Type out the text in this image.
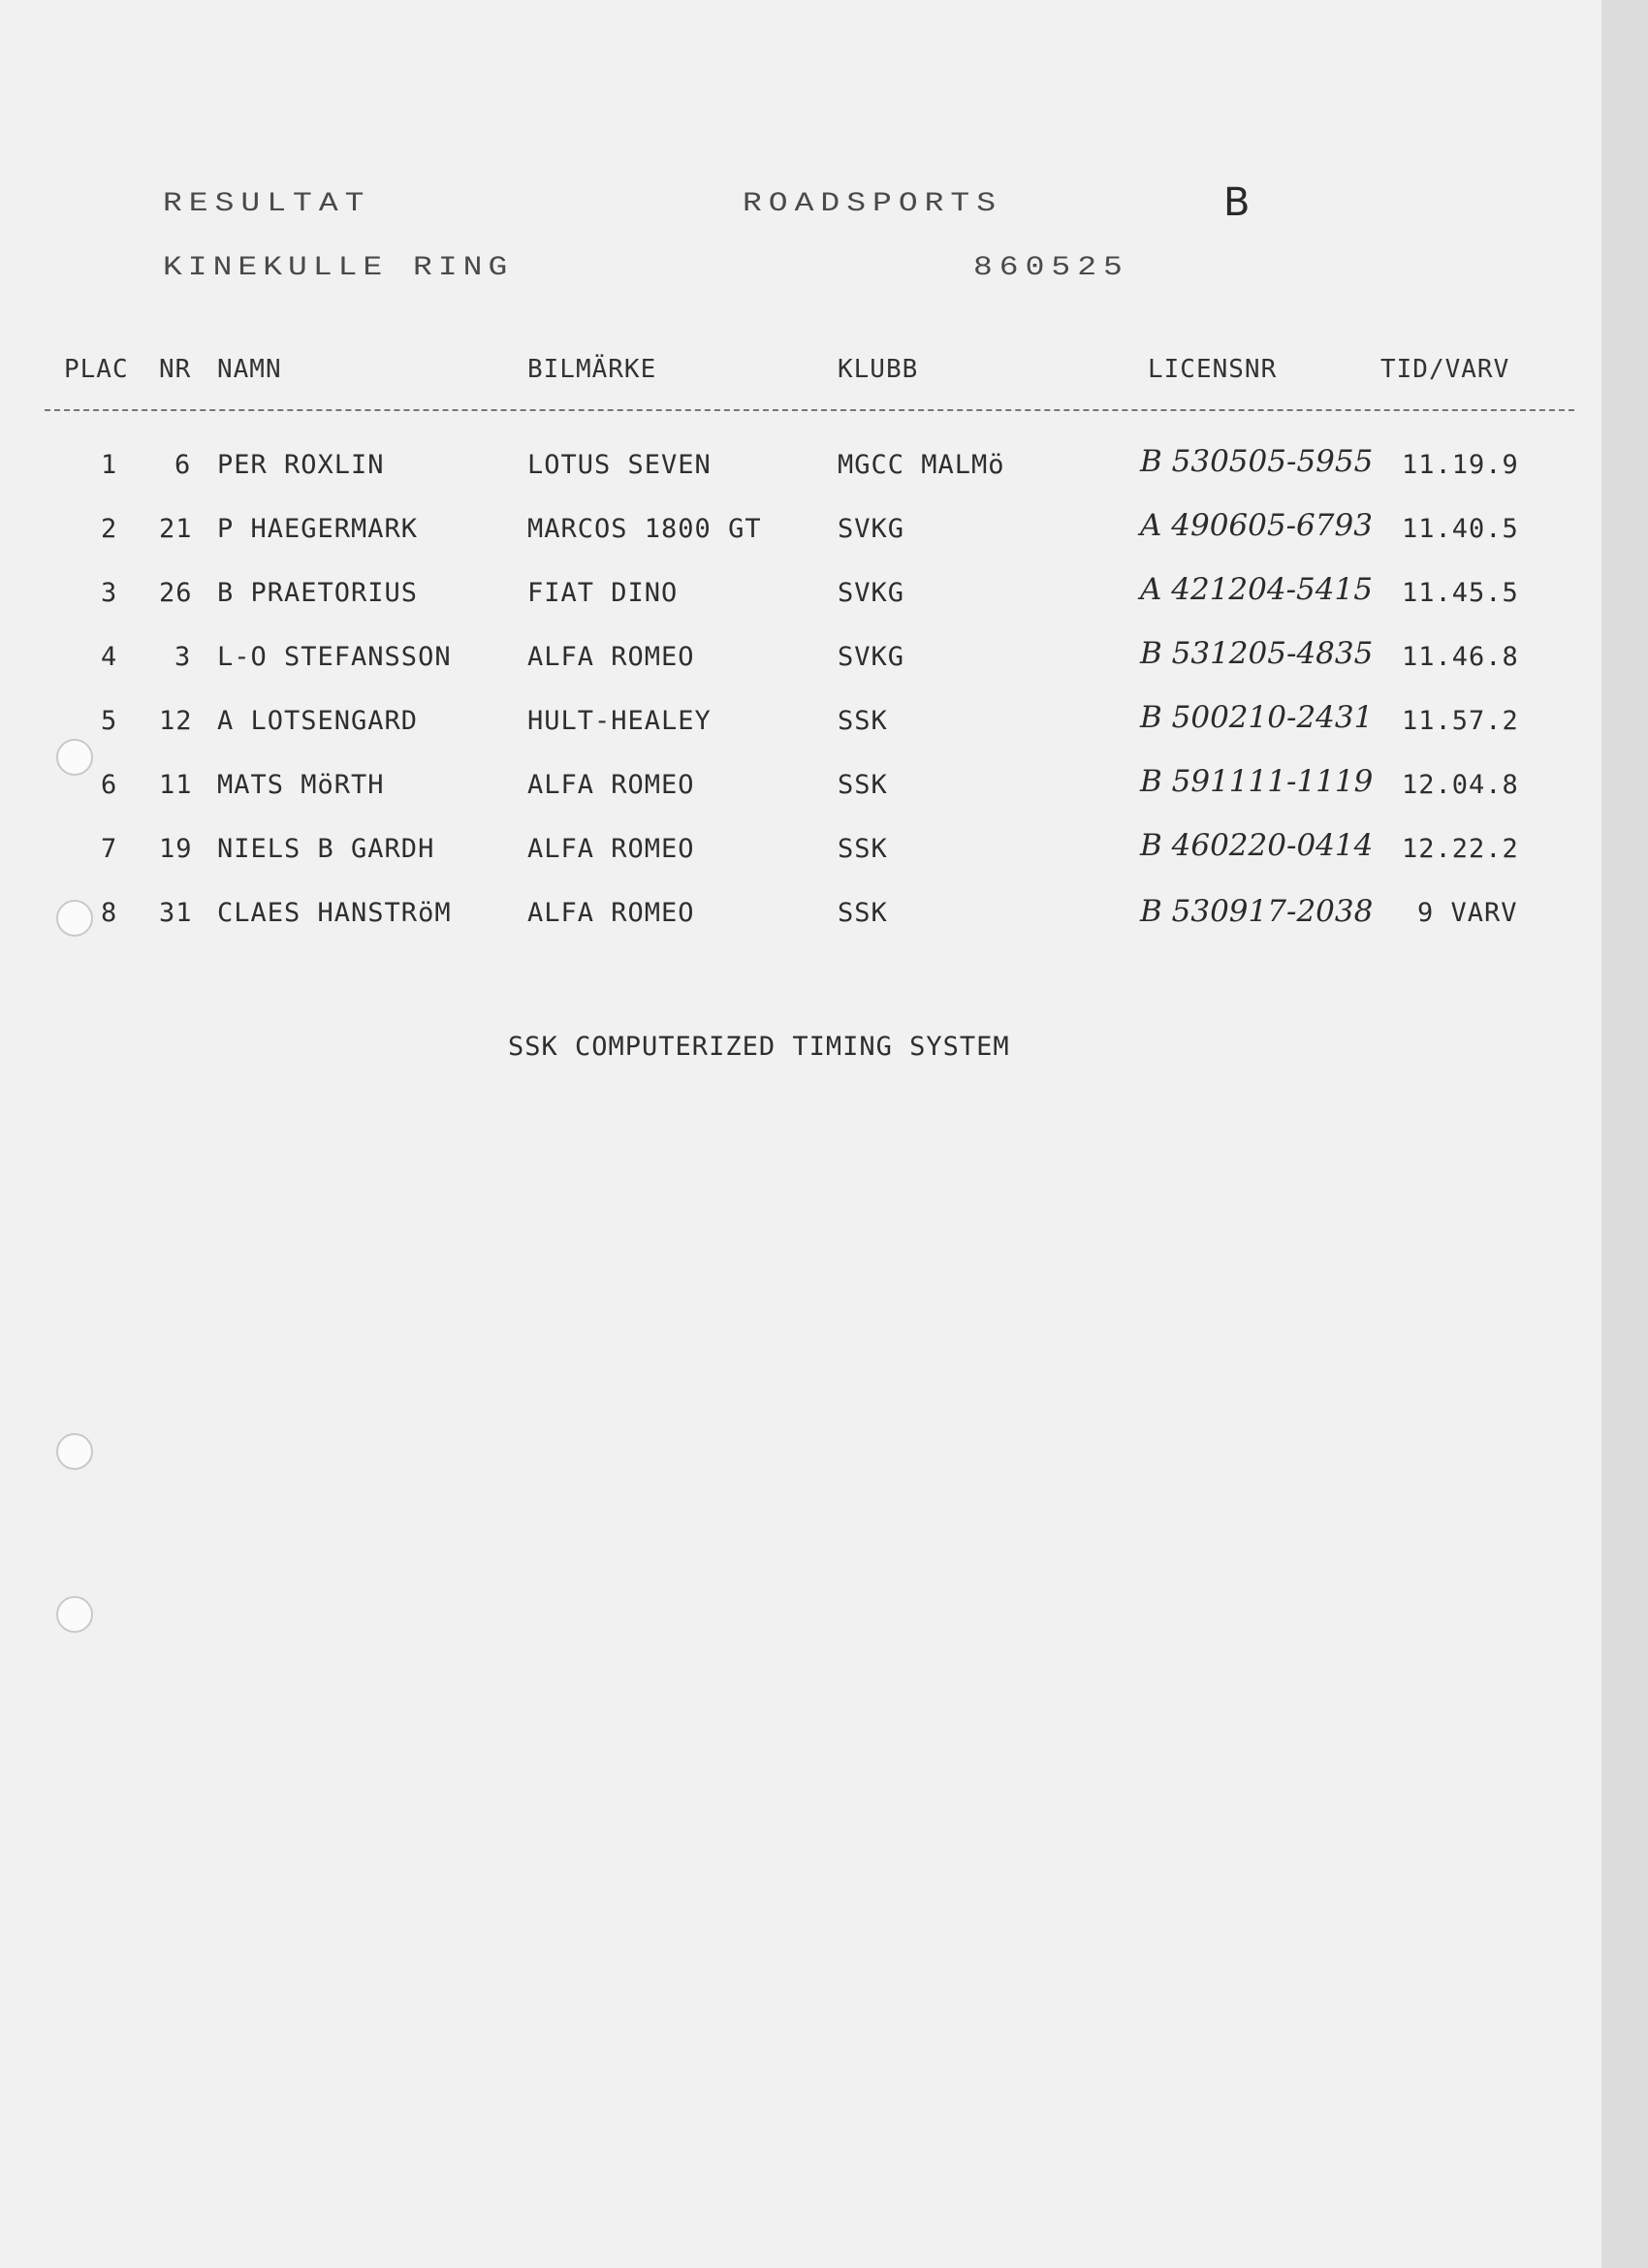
RESULTAT	ROADSPORTS	B
KINEKULLE RING	860525
PLAC NR NAMN	BILMÄRKE	KLUBB	LICENSNR	TID/VARV
1 6 PER ROXLIN	LOTUS SEVEN	MGCC MALMö	B 530505-5955 11.19.9
2 21 P HAEGERMARK	MARCOS 1800 GT	SVKG	A 490605-6793 11.40.5
3 26 B PRAETORIUS	FIAT DINO	SVKG	A 421204-5415 11.45.5
4 3 L-O STEFANSSON	ALFA ROMEO	SVKG	B 531205-4835 11.46.8
5 12 A LOTSENGARD	HULT-HEALEY	SSK	B 500210-2431 11.57.2
6 11 MATS MöRTH	ALFA ROMEO	SSK	B 591111-1119 12.04.8
7 19 NIELS B GARDH	ALFA ROMEO	SSK	B 460220-0414 12.22.2
8 31 CLAES HANSTRöM	ALFA ROMEO	SSK	B 530917-2038 9 VARV
SSK COMPUTERIZED TIMING SYSTEM
